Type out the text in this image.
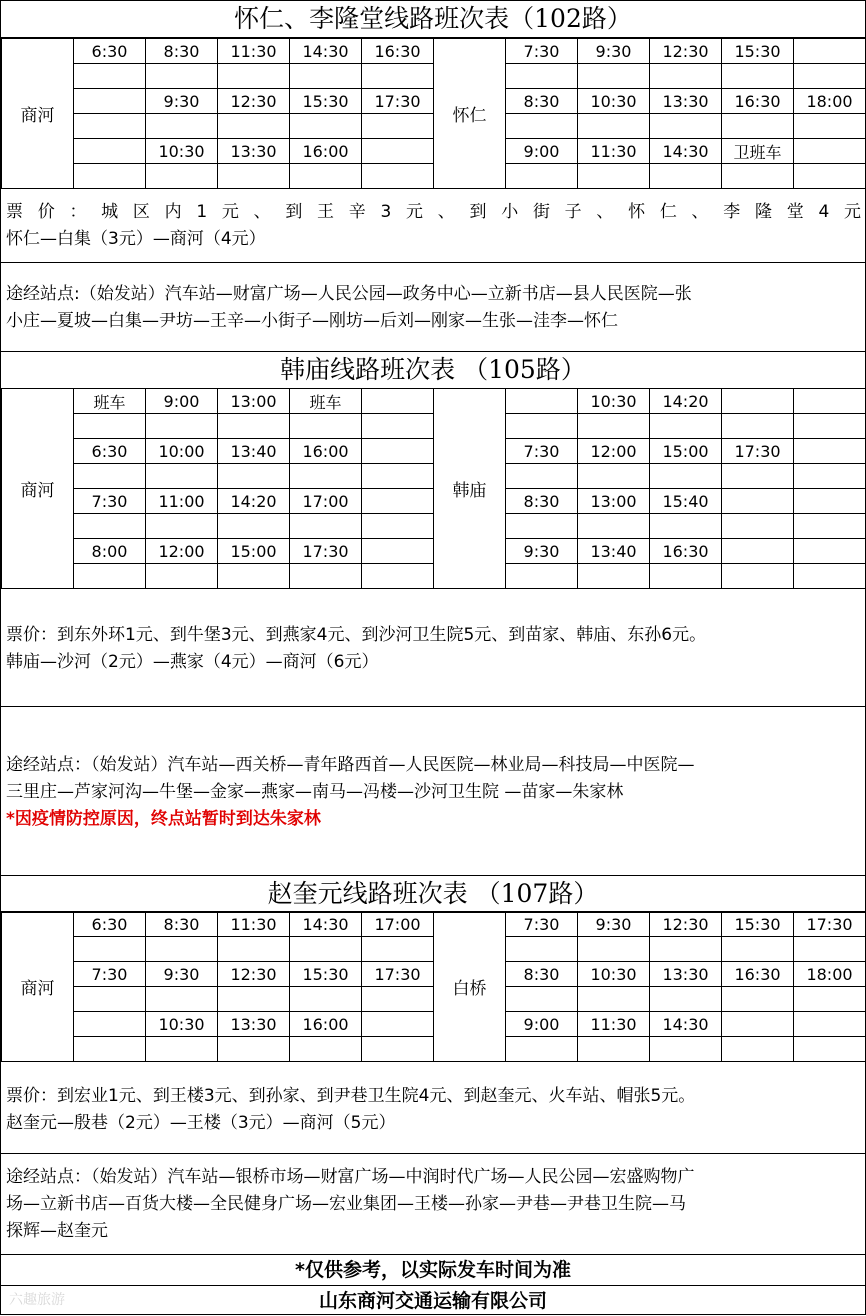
怀仁、李隆堂线路班次表（102路）
商河	6:30	8:30	11:30	14:30	16:30	怀仁	7:30	9:30	12:30	15:30	

		9:30	12:30	15:30	17:30		8:30	10:30	13:30	16:30	18:00

		10:30	13:30	16:00			9:00	11:30	14:30	卫班车	

票价：城区内1元、到王辛3元、到小街子、怀仁、李隆堂4元
怀仁—白集（3元）—商河（4元）
途经站点:（始发站）汽车站—财富广场—人民公园—政务中心—立新书店—县人民医院—张
小庄—夏坡—白集—尹坊—王辛—小街子—刚坊—后刘—刚家—生张—洼李—怀仁
韩庙线路班次表 （105路）
商河	班车	9:00	13:00	班车		韩庙		10:30	14:20		

	6:30	10:00	13:40	16:00			7:30	12:00	15:00	17:30	

	7:30	11:00	14:20	17:00			8:30	13:00	15:40		

	8:00	12:00	15:00	17:30			9:30	13:40	16:30		

票价：到东外环1元、到牛堡3元、到燕家4元、到沙河卫生院5元、到苗家、韩庙、东孙6元。
韩庙—沙河（2元）—燕家（4元）—商河（6元）
途经站点：（始发站）汽车站—西关桥—青年路西首—人民医院—林业局—科技局—中医院—
三里庄—芦家河沟—牛堡—金家—燕家—南马—冯楼—沙河卫生院 —苗家—朱家林
*因疫情防控原因，终点站暂时到达朱家林
赵奎元线路班次表 （107路）
商河	6:30	8:30	11:30	14:30	17:00	白桥	7:30	9:30	12:30	15:30	17:30

	7:30	9:30	12:30	15:30	17:30		8:30	10:30	13:30	16:30	18:00

		10:30	13:30	16:00			9:00	11:30	14:30		

票价：到宏业1元、到王楼3元、到孙家、到尹巷卫生院4元、到赵奎元、火车站、帽张5元。
赵奎元—殷巷（2元）—王楼（3元）—商河（5元）
途经站点：（始发站）汽车站—银桥市场—财富广场—中润时代广场—人民公园—宏盛购物广
场—立新书店—百货大楼—全民健身广场—宏业集团—王楼—孙家—尹巷—尹巷卫生院—马
探辉—赵奎元
*仅供参考，以实际发车时间为准
山东商河交通运输有限公司
六趣旅游
